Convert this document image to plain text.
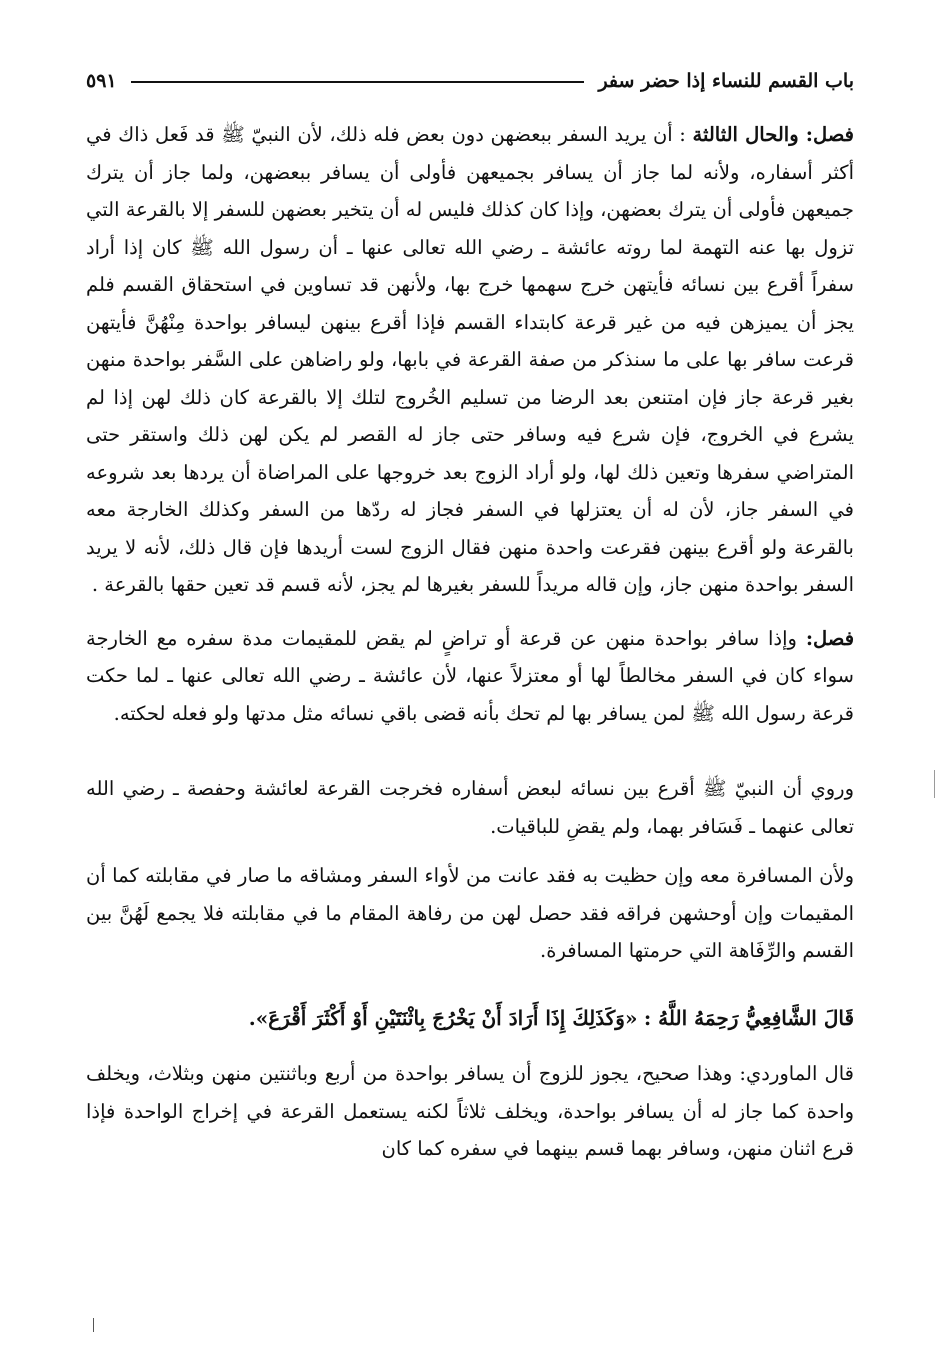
باب القسم للنساء إذا حضر سفر
٥٩١

فصل: والحال الثالثة : أن يريد السفر ببعضهن دون بعض فله ذلك، لأن النبيّ ﷺ قد فَعل ذاك في أكثر أسفاره، ولأنه لما جاز أن يسافر بجميعهن فأولى أن يسافر ببعضهن، ولما جاز أن يترك جميعهن فأولى أن يترك بعضهن، وإذا كان كذلك فليس له أن يتخير بعضهن للسفر إلا بالقرعة التي تزول بها عنه التهمة لما روته عائشة ـ رضي الله تعالى عنها ـ أن رسول الله ﷺ كان إذا أراد سفراً أقرع بين نسائه فأيتهن خرج سهمها خرج بها، ولأنهن قد تساوين في استحقاق القسم فلم يجز أن يميزهن فيه من غير قرعة كابتداء القسم فإذا أقرع بينهن ليسافر بواحدة مِنْهُنَّ فأيتهن قرعت سافر بها على ما سنذكر من صفة القرعة في بابها، ولو راضاهن على السَّفر بواحدة منهن بغير قرعة جاز فإن امتنعن بعد الرضا من تسليم الخُروج لتلك إلا بالقرعة كان ذلك لهن إذا لم يشرع في الخروج، فإن شرع فيه وسافر حتى جاز له القصر لم يكن لهن ذلك واستقر حتى المتراضي سفرها وتعين ذلك لها، ولو أراد الزوج بعد خروجها على المراضاة أن يردها بعد شروعه في السفر جاز، لأن له أن يعتزلها في السفر فجاز له ردّها من السفر وكذلك الخارجة معه بالقرعة ولو أقرع بينهن فقرعت واحدة منهن فقال الزوج لست أريدها فإن قال ذلك، لأنه لا يريد السفر بواحدة منهن جاز، وإن قاله مريداً للسفر بغيرها لم يجز، لأنه قسم قد تعين حقها بالقرعة .

فصل: وإذا سافر بواحدة منهن عن قرعة أو تراضٍ لم يقض للمقيمات مدة سفره مع الخارجة سواء كان في السفر مخالطاً لها أو معتزلاً عنها، لأن عائشة ـ رضي الله تعالى عنها ـ لما حكت قرعة رسول الله ﷺ لمن يسافر بها لم تحك بأنه قضى باقي نسائه مثل مدتها ولو فعله لحكته.

وروي أن النبيّ ﷺ أقرع بين نسائه لبعض أسفاره فخرجت القرعة لعائشة وحفصة ـ رضي الله تعالى عنهما ـ فَسَافر بهما، ولم يقضِ للباقيات.

ولأن المسافرة معه وإن حظيت به فقد عانت من لأواء السفر ومشاقه ما صار في مقابلته كما أن المقيمات وإن أوحشهن فراقه فقد حصل لهن من رفاهة المقام ما في مقابلته فلا يجمع لَهُنَّ بين القسم والرِّفَاهة التي حرمتها المسافرة.

قَالَ الشَّافِعِيُّ رَحِمَهُ اللَّهُ : «وَكَذَلِكَ إِذَا أَرَادَ أَنْ يَخْرُجَ بِاثْنَتَيْنِ أَوْ أَكْثَرَ أَقْرَعَ».

قال الماوردي: وهذا صحيح، يجوز للزوج أن يسافر بواحدة من أربع وباثنتين منهن وبثلاث، ويخلف واحدة كما جاز له أن يسافر بواحدة، ويخلف ثلاثاً لكنه يستعمل القرعة في إخراج الواحدة فإذا قرع اثنان منهن، وسافر بهما قسم بينهما في سفره كما كان
